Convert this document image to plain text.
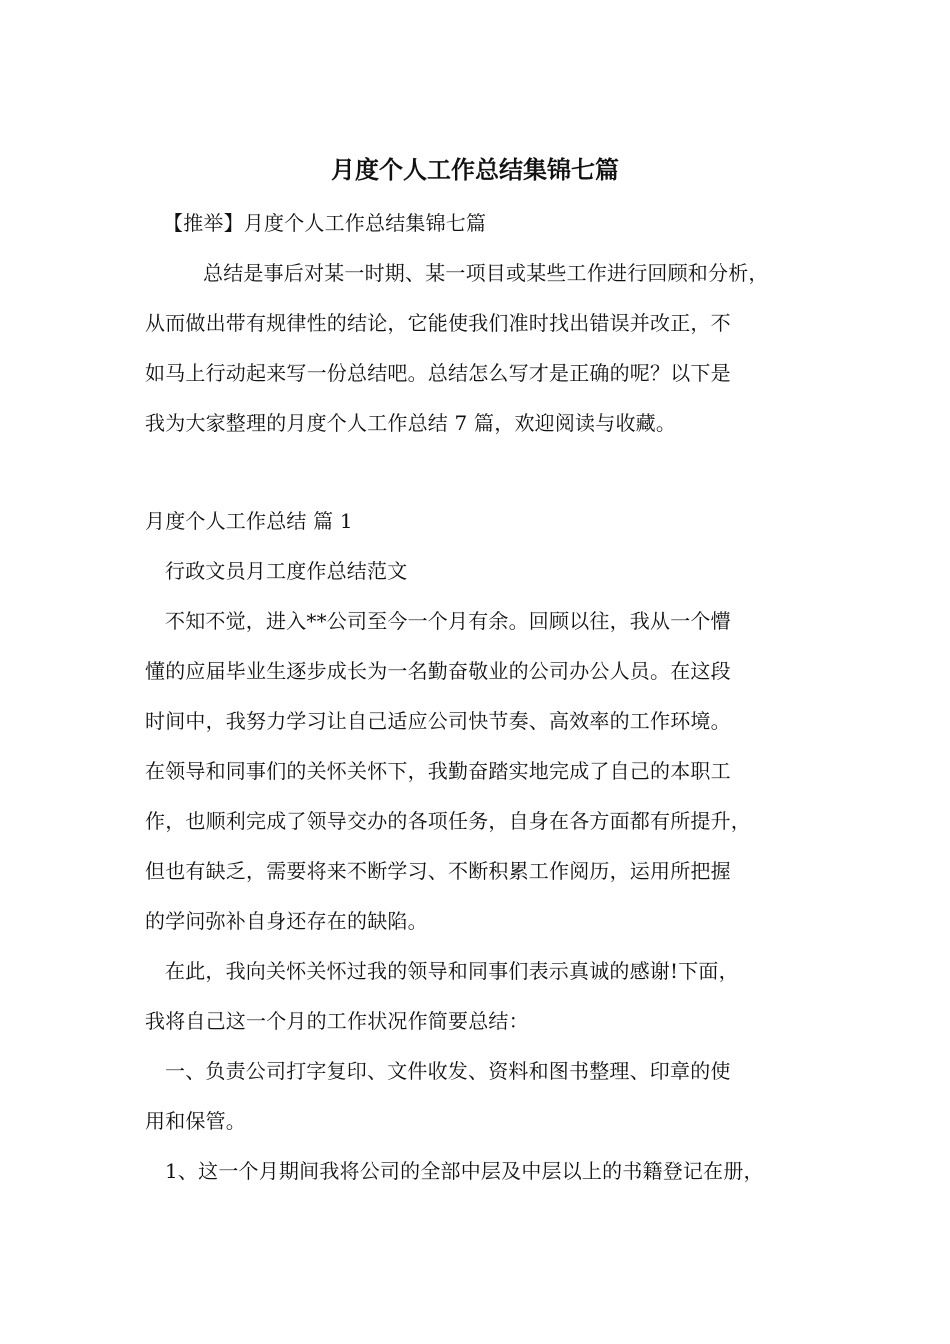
月度个人工作总结集锦七篇
【推举】月度个人工作总结集锦七篇
总结是事后对某一时期、某一项目或某些工作进行回顾和分析，
从而做出带有规律性的结论，它能使我们准时找出错误并改正，不
如马上行动起来写一份总结吧。总结怎么写才是正确的呢？以下是
我为大家整理的月度个人工作总结 7 篇，欢迎阅读与收藏。
月度个人工作总结 篇 1
行政文员月工度作总结范文
不知不觉，进入**公司至今一个月有余。回顾以往，我从一个懵
懂的应届毕业生逐步成长为一名勤奋敬业的公司办公人员。在这段
时间中，我努力学习让自己适应公司快节奏、高效率的工作环境。
在领导和同事们的关怀关怀下，我勤奋踏实地完成了自己的本职工
作，也顺利完成了领导交办的各项任务，自身在各方面都有所提升，
但也有缺乏，需要将来不断学习、不断积累工作阅历，运用所把握
的学问弥补自身还存在的缺陷。
在此，我向关怀关怀过我的领导和同事们表示真诚的感谢!下面，
我将自己这一个月的工作状况作简要总结：
一、负责公司打字复印、文件收发、资料和图书整理、印章的使
用和保管。
1、这一个月期间我将公司的全部中层及中层以上的书籍登记在册，
